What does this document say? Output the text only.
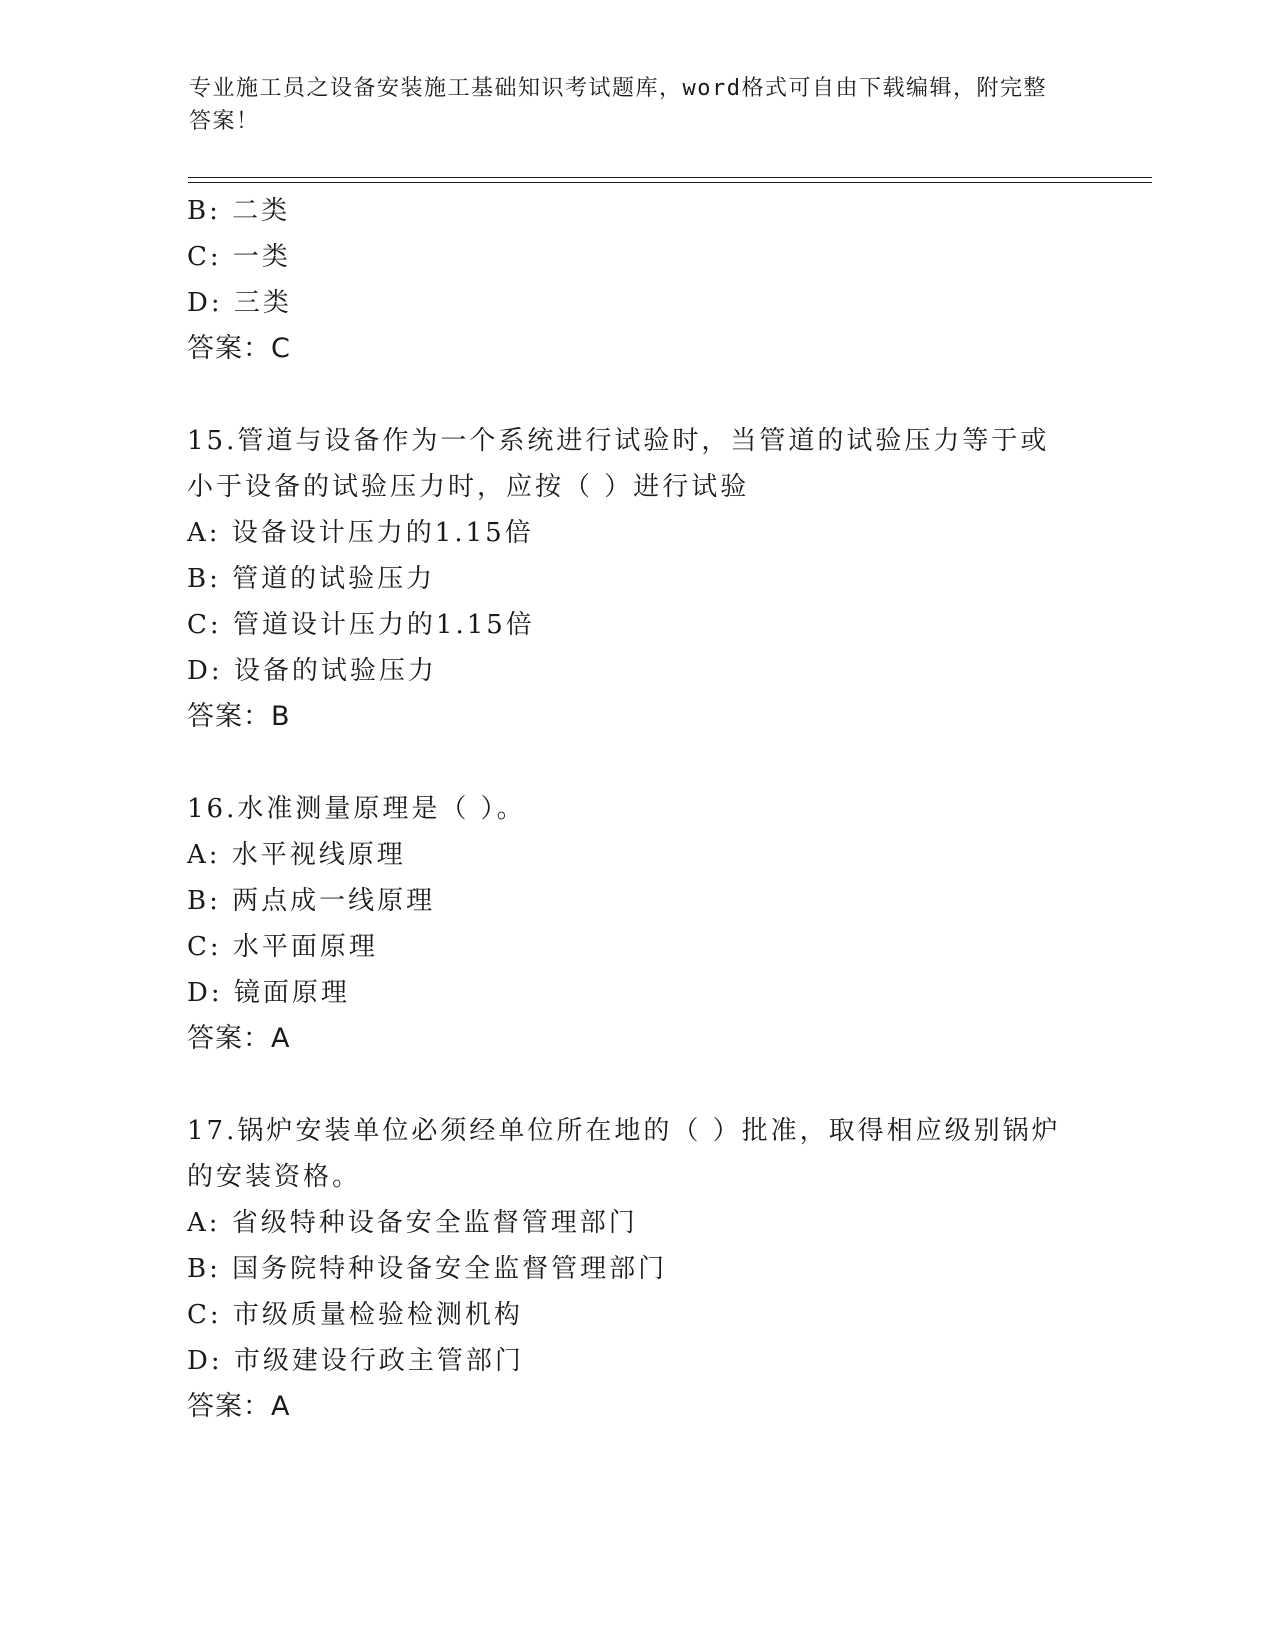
专业施工员之设备安装施工基础知识考试题库，word格式可自由下载编辑，附完整答案！
B: 二类
C: 一类
D: 三类
答案：C
15.管道与设备作为一个系统进行试验时，当管道的试验压力等于或小于设备的试验压力时，应按（ ）进行试验
A: 设备设计压力的1.15倍
B: 管道的试验压力
C: 管道设计压力的1.15倍
D: 设备的试验压力
答案：B
16.水准测量原理是（ ）。
A: 水平视线原理
B: 两点成一线原理
C: 水平面原理
D: 镜面原理
答案：A
17.锅炉安装单位必须经单位所在地的（ ）批准，取得相应级别锅炉的安装资格。
A: 省级特种设备安全监督管理部门
B: 国务院特种设备安全监督管理部门
C: 市级质量检验检测机构
D: 市级建设行政主管部门
答案：A
